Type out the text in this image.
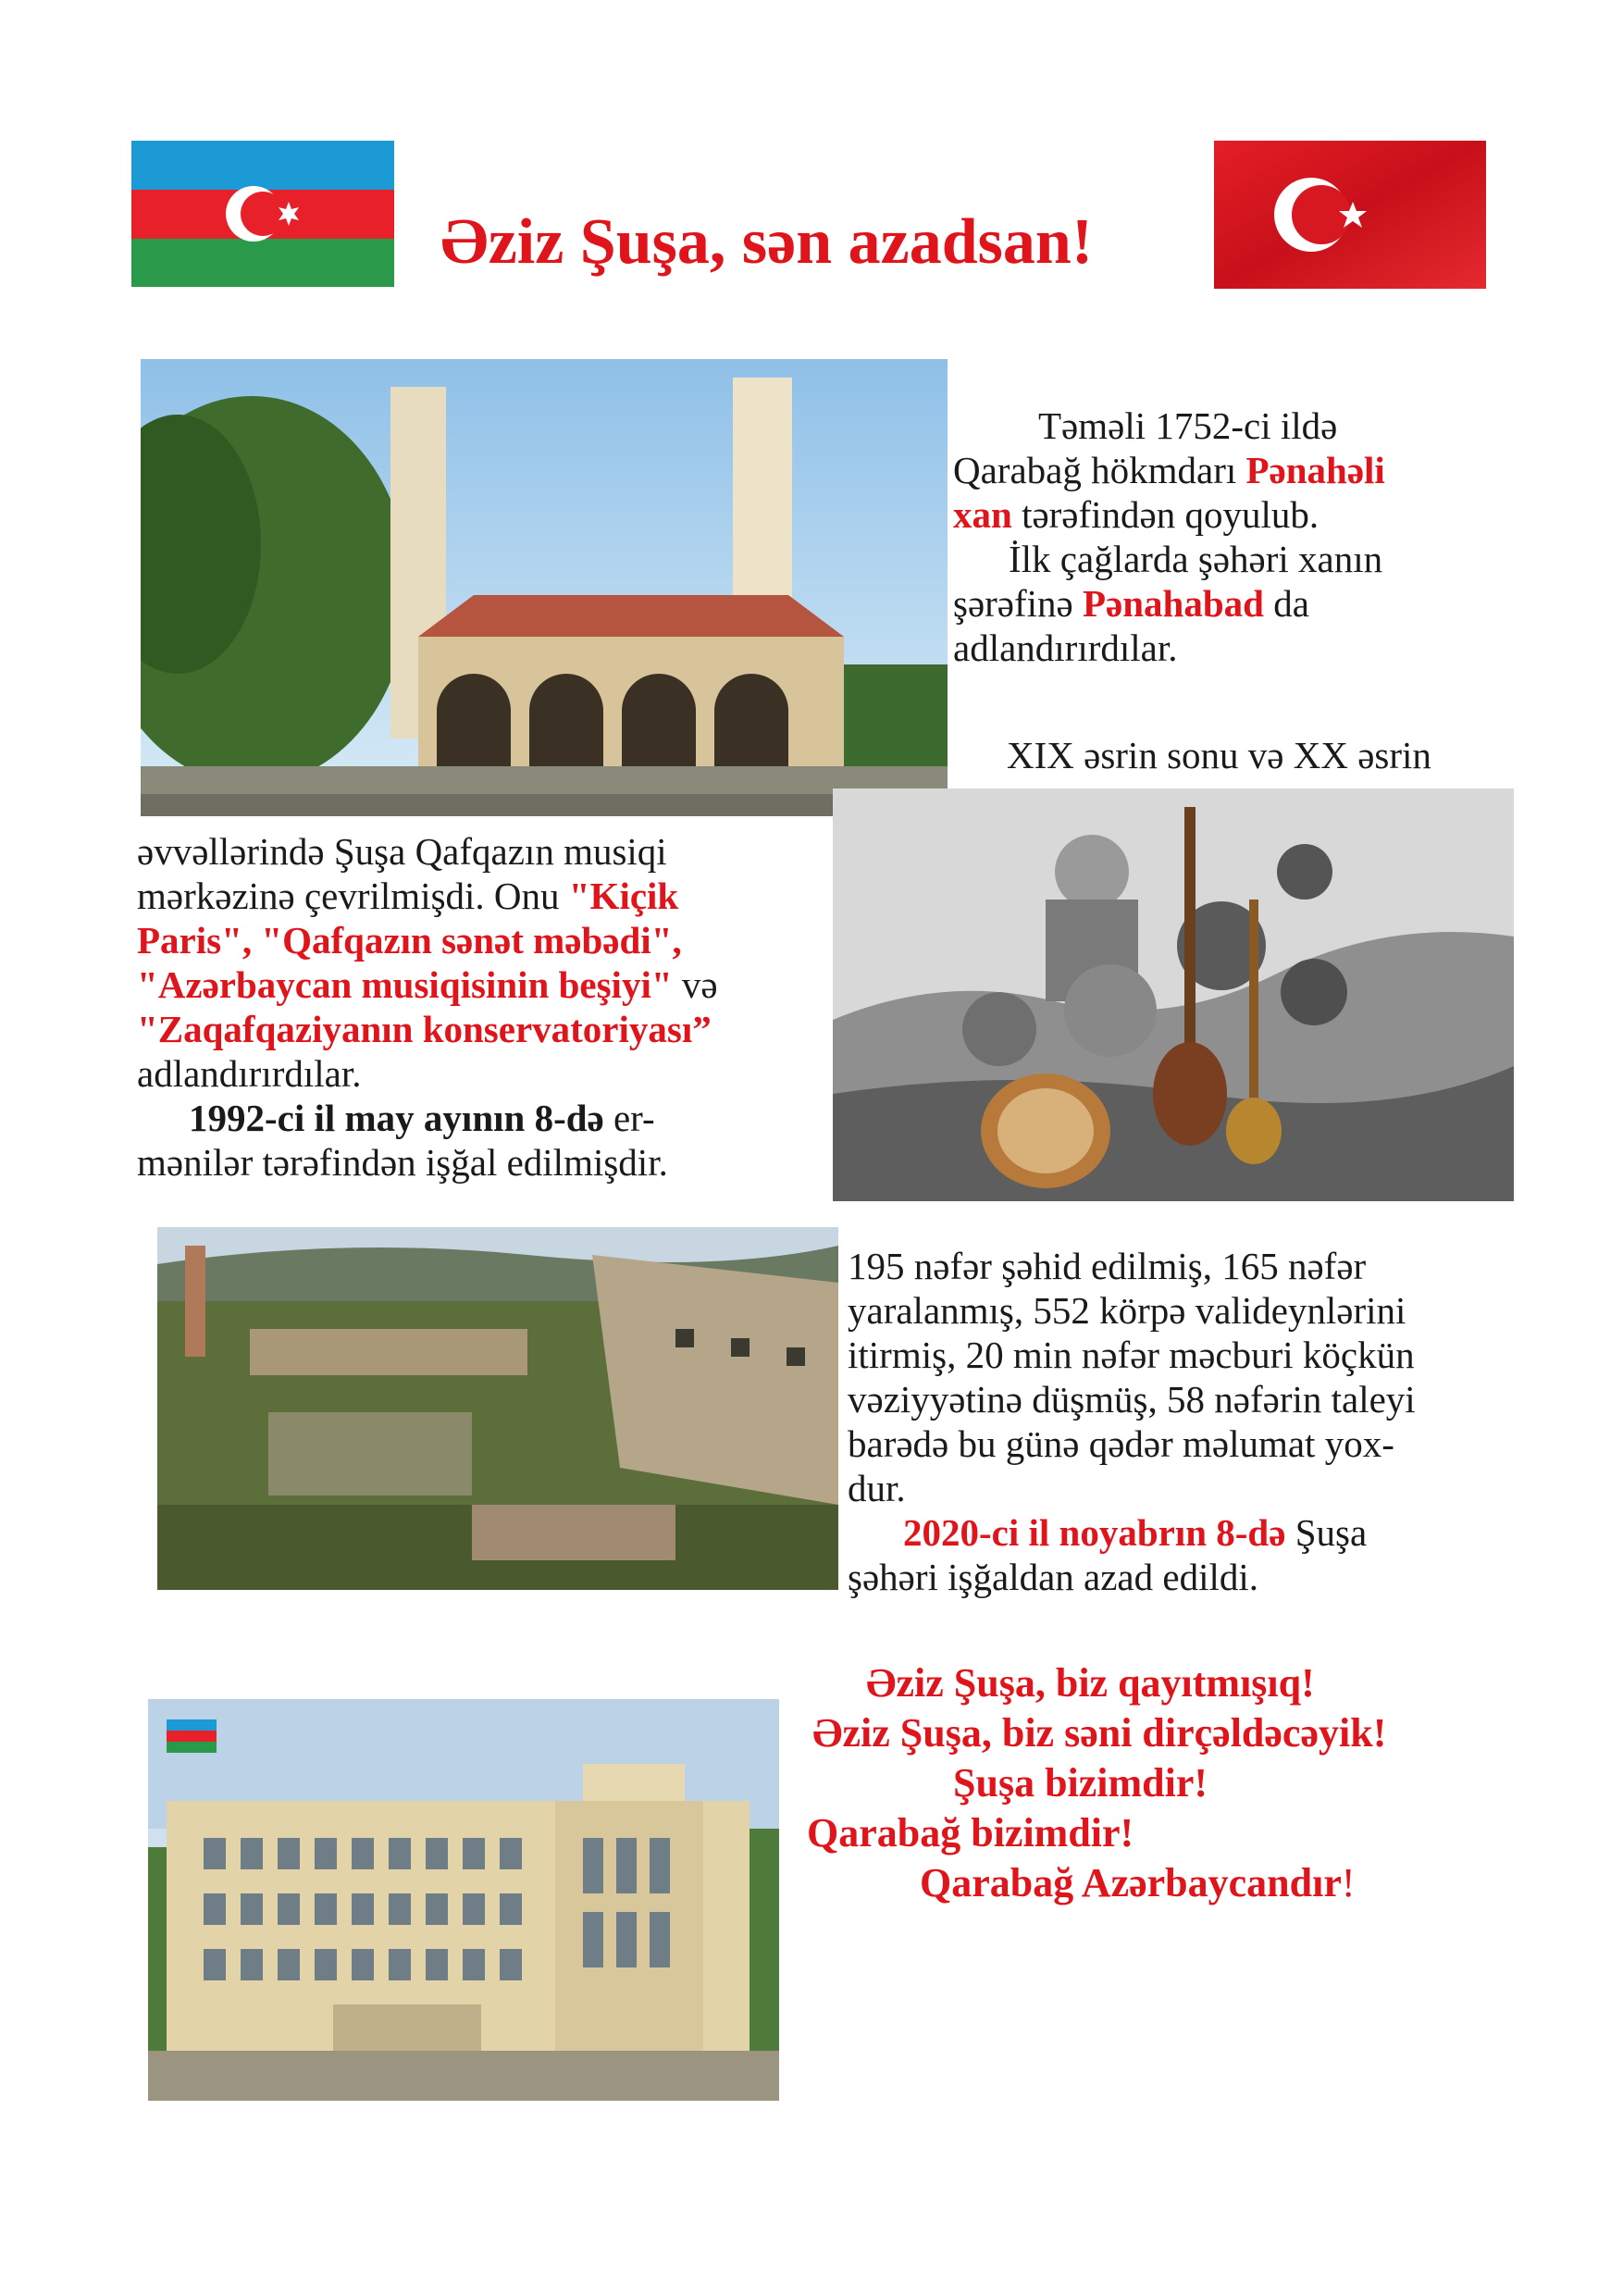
Əziz Şuşa, sən azadsan!
Təməli 1752-ci ildə
Qarabağ hökmdarı Pənahəli
xan tərəfindən qoyulub.
İlk çağlarda şəhəri xanın
şərəfinə Pənahabad da
adlandırırdılar.
XIX əsrin sonu və XX əsrin
əvvəllərində Şuşa Qafqazın musiqi
mərkəzinə çevrilmişdi. Onu "Kiçik
Paris", "Qafqazın sənət məbədi",
"Azərbaycan musiqisinin beşiyi" və
"Zaqafqaziyanın konservatoriyası”
adlandırırdılar.
1992-ci il may ayının 8-də er-
mənilər tərəfindən işğal edilmişdir.
195 nəfər şəhid edilmiş, 165 nəfər
yaralanmış, 552 körpə valideynlərini
itirmiş, 20 min nəfər məcburi köçkün
vəziyyətinə düşmüş, 58 nəfərin taleyi
barədə bu günə qədər məlumat yox-
dur.
2020-ci il noyabrın 8-də Şuşa
şəhəri işğaldan azad edildi.
Əziz Şuşa, biz qayıtmışıq!
Əziz Şuşa, biz səni dirçəldəcəyik!
Şuşa bizimdir!
Qarabağ bizimdir!
Qarabağ Azərbaycandır!
